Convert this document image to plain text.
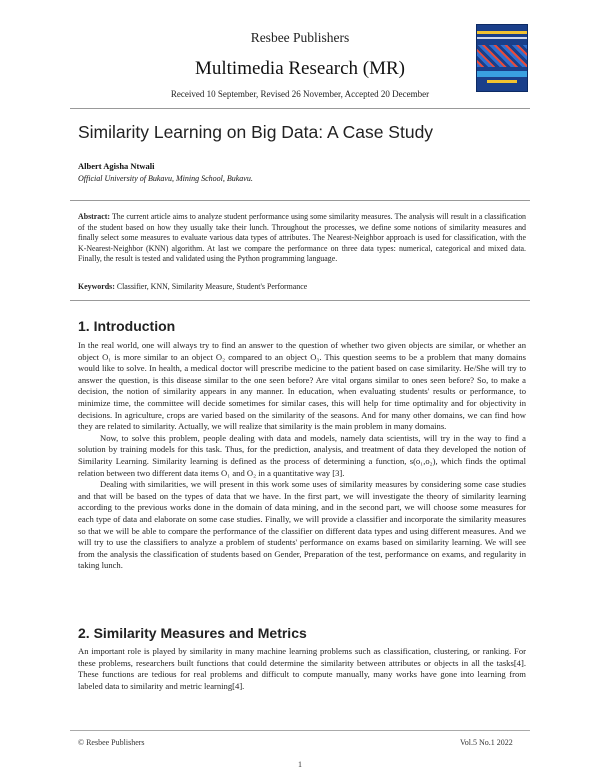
Resbee Publishers
Multimedia Research (MR)
Received 10 September, Revised 26 November, Accepted 20 December
Similarity Learning on Big Data: A Case Study
Albert Agisha Ntwali
Official University of Bukavu, Mining School, Bukavu.
Abstract: The current article aims to analyze student performance using some similarity measures. The analysis will result in a classification of the student based on how they usually take their lunch. Throughout the processes, we define some notions of similarity measures and finally select some measures to evaluate various data types of attributes. The Nearest-Neighbor approach is used for classification, with the K-Nearest-Neighbor (KNN) algorithm. At last we compare the performance on three data types: numerical, categorical and mixed data. Finally, the result is tested and validated using the Python programming language.
Keywords: Classifier, KNN, Similarity Measure, Student's Performance
1. Introduction

In the real world, one will always try to find an answer to the question of whether two given objects are similar, or whether an object O₁ is more similar to an object O₂ compared to an object O₃. This question seems to be a problem that many domains would like to solve. In health, a medical doctor will prescribe medicine to the patient based on case similarity. He/She will try to answer the question, is this disease similar to the one seen before? Are vital organs similar to ones seen before? So, to make a decision, the notion of similarity appears in any manner. In education, when evaluating students' results or performance, to minimize time, the committee will decide sometimes for similar cases, this will help for time optimality and for objectivity in decisions. In agriculture, crops are varied based on the similarity of the seasons. And for many other domains, we can find how they are related to similarity. Actually, we will realize that similarity is the main problem in many domains.

Now, to solve this problem, people dealing with data and models, namely data scientists, will try in the way to find a solution by training models for this task. Thus, for the prediction, analysis, and treatment of data they developed the notion of Similarity Learning. Similarity learning is defined as the process of determining a function, s(o₁,o₂), which finds the optimal relation between two different data items O₁ and O₂ in a quantitative way [3].

Dealing with similarities, we will present in this work some uses of similarity measures by considering some case studies and that will be based on the types of data that we have. In the first part, we will investigate the theory of similarity learning according to the previous works done in the domain of data mining, and in the second part, we will choose some measures for each type of data and elaborate on some case studies. Finally, we will provide a classifier and incorporate the similarity measures so that we will be able to compare the performance of the classifier on different data types and using different measures. And we will try to use the classifiers to analyze a problem of students' performance on exams based on similarity learning. We will see from the analysis the classification of students based on Gender, Preparation of the test, performance on exams, and regularity in taking lunch.

2. Similarity Measures and Metrics

An important role is played by similarity in many machine learning problems such as classification, clustering, or ranking. For these problems, researchers built functions that could determine the similarity between attributes or objects in all the tasks[4]. These functions are tedious for real problems and difficult to compute manually, many works have gone into learning from labeled data to similarity and metric learning[4].

© Resbee Publishers	Vol.5 No.1 2022
1
